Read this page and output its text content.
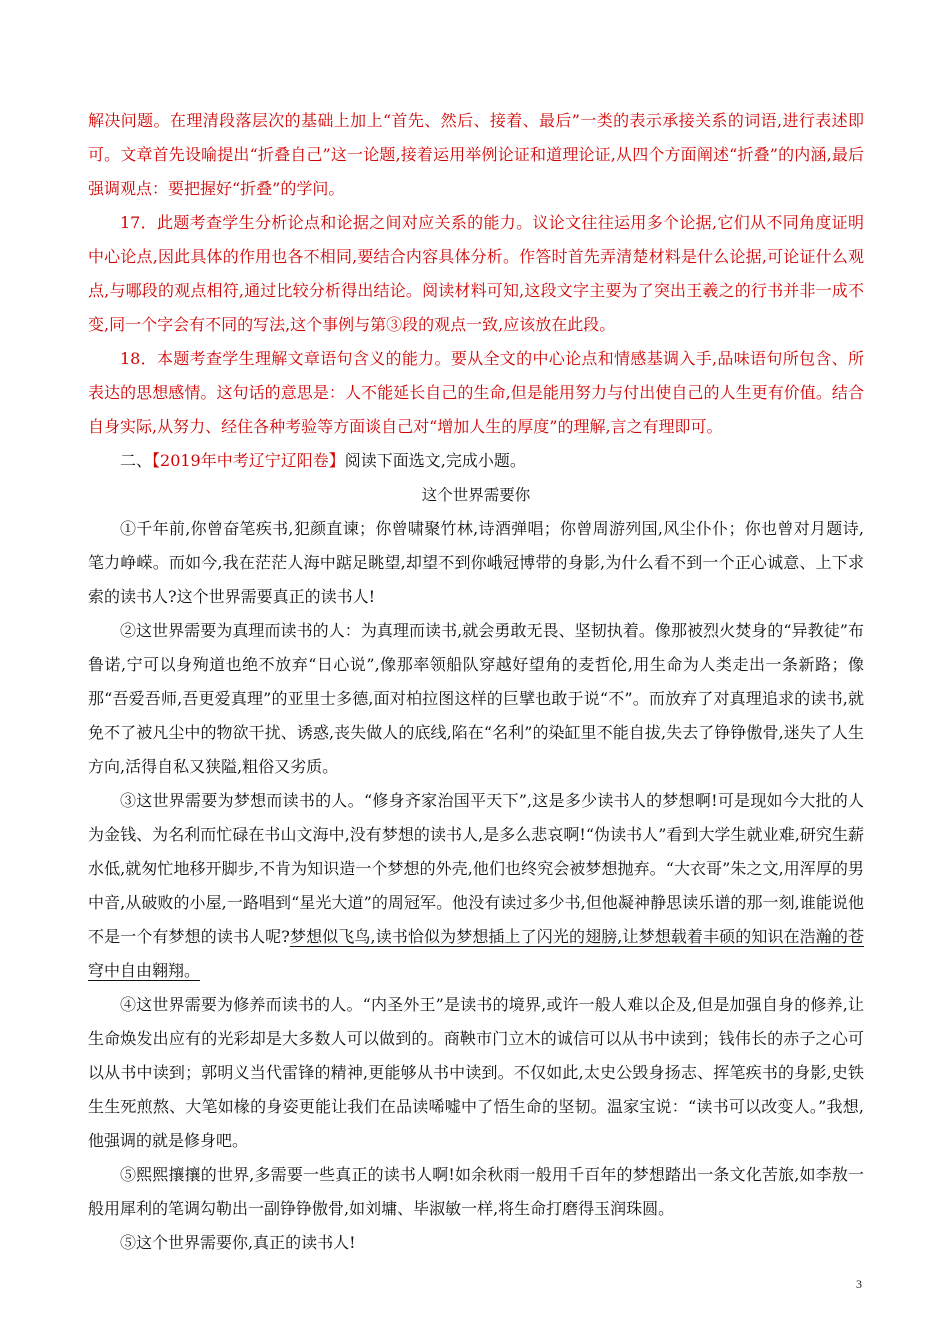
解决问题。在理清段落层次的基础上加上“首先、然后、接着、最后”一类的表示承接关系的词语,进行表述即可。文章首先设喻提出“折叠自己”这一论题,接着运用举例论证和道理论证,从四个方面阐述“折叠”的内涵,最后强调观点：要把握好“折叠”的学问。

17．此题考查学生分析论点和论据之间对应关系的能力。议论文往往运用多个论据,它们从不同角度证明中心论点,因此具体的作用也各不相同,要结合内容具体分析。作答时首先弄清楚材料是什么论据,可论证什么观点,与哪段的观点相符,通过比较分析得出结论。阅读材料可知,这段文字主要为了突出王羲之的行书并非一成不变,同一个字会有不同的写法,这个事例与第③段的观点一致,应该放在此段。

18．本题考查学生理解文章语句含义的能力。要从全文的中心论点和情感基调入手,品味语句所包含、所表达的思想感情。这句话的意思是：人不能延长自己的生命,但是能用努力与付出使自己的人生更有价值。结合自身实际,从努力、经住各种考验等方面谈自己对“增加人生的厚度”的理解,言之有理即可。

二、【2019年中考辽宁辽阳卷】阅读下面选文,完成小题。

这个世界需要你

①千年前,你曾奋笔疾书,犯颜直谏；你曾啸聚竹林,诗酒弹唱；你曾周游列国,风尘仆仆；你也曾对月题诗,笔力峥嵘。而如今,我在茫茫人海中踮足眺望,却望不到你峨冠博带的身影,为什么看不到一个正心诚意、上下求索的读书人?这个世界需要真正的读书人!

②这世界需要为真理而读书的人：为真理而读书,就会勇敢无畏、坚韧执着。像那被烈火焚身的“异教徒”布鲁诺,宁可以身殉道也绝不放弃“日心说”,像那率领船队穿越好望角的麦哲伦,用生命为人类走出一条新路；像那“吾爱吾师,吾更爱真理”的亚里士多德,面对柏拉图这样的巨擘也敢于说“不”。而放弃了对真理追求的读书,就免不了被凡尘中的物欲干扰、诱惑,丧失做人的底线,陷在“名利”的染缸里不能自拔,失去了铮铮傲骨,迷失了人生方向,活得自私又狭隘,粗俗又劣质。

③这世界需要为梦想而读书的人。“修身齐家治国平天下”,这是多少读书人的梦想啊!可是现如今大批的人为金钱、为名利而忙碌在书山文海中,没有梦想的读书人,是多么悲哀啊!“伪读书人”看到大学生就业难,研究生薪水低,就匆忙地移开脚步,不肯为知识造一个梦想的外壳,他们也终究会被梦想抛弃。“大衣哥”朱之文,用浑厚的男中音,从破败的小屋,一路唱到“星光大道”的周冠军。他没有读过多少书,但他凝神静思读乐谱的那一刻,谁能说他不是一个有梦想的读书人呢?梦想似飞鸟,读书恰似为梦想插上了闪光的翅膀,让梦想载着丰硕的知识在浩瀚的苍穹中自由翱翔。

④这世界需要为修养而读书的人。“内圣外王”是读书的境界,或许一般人难以企及,但是加强自身的修养,让生命焕发出应有的光彩却是大多数人可以做到的。商鞅市门立木的诚信可以从书中读到；钱伟长的赤子之心可以从书中读到；郭明义当代雷锋的精神,更能够从书中读到。不仅如此,太史公毁身扬志、挥笔疾书的身影,史铁生生死煎熬、大笔如椽的身姿更能让我们在品读唏嘘中了悟生命的坚韧。温家宝说：“读书可以改变人。”我想,他强调的就是修身吧。

⑤熙熙攘攘的世界,多需要一些真正的读书人啊!如余秋雨一般用千百年的梦想踏出一条文化苦旅,如李敖一般用犀利的笔调勾勒出一副铮铮傲骨,如刘墉、毕淑敏一样,将生命打磨得玉润珠圆。

⑤这个世界需要你,真正的读书人!

3
